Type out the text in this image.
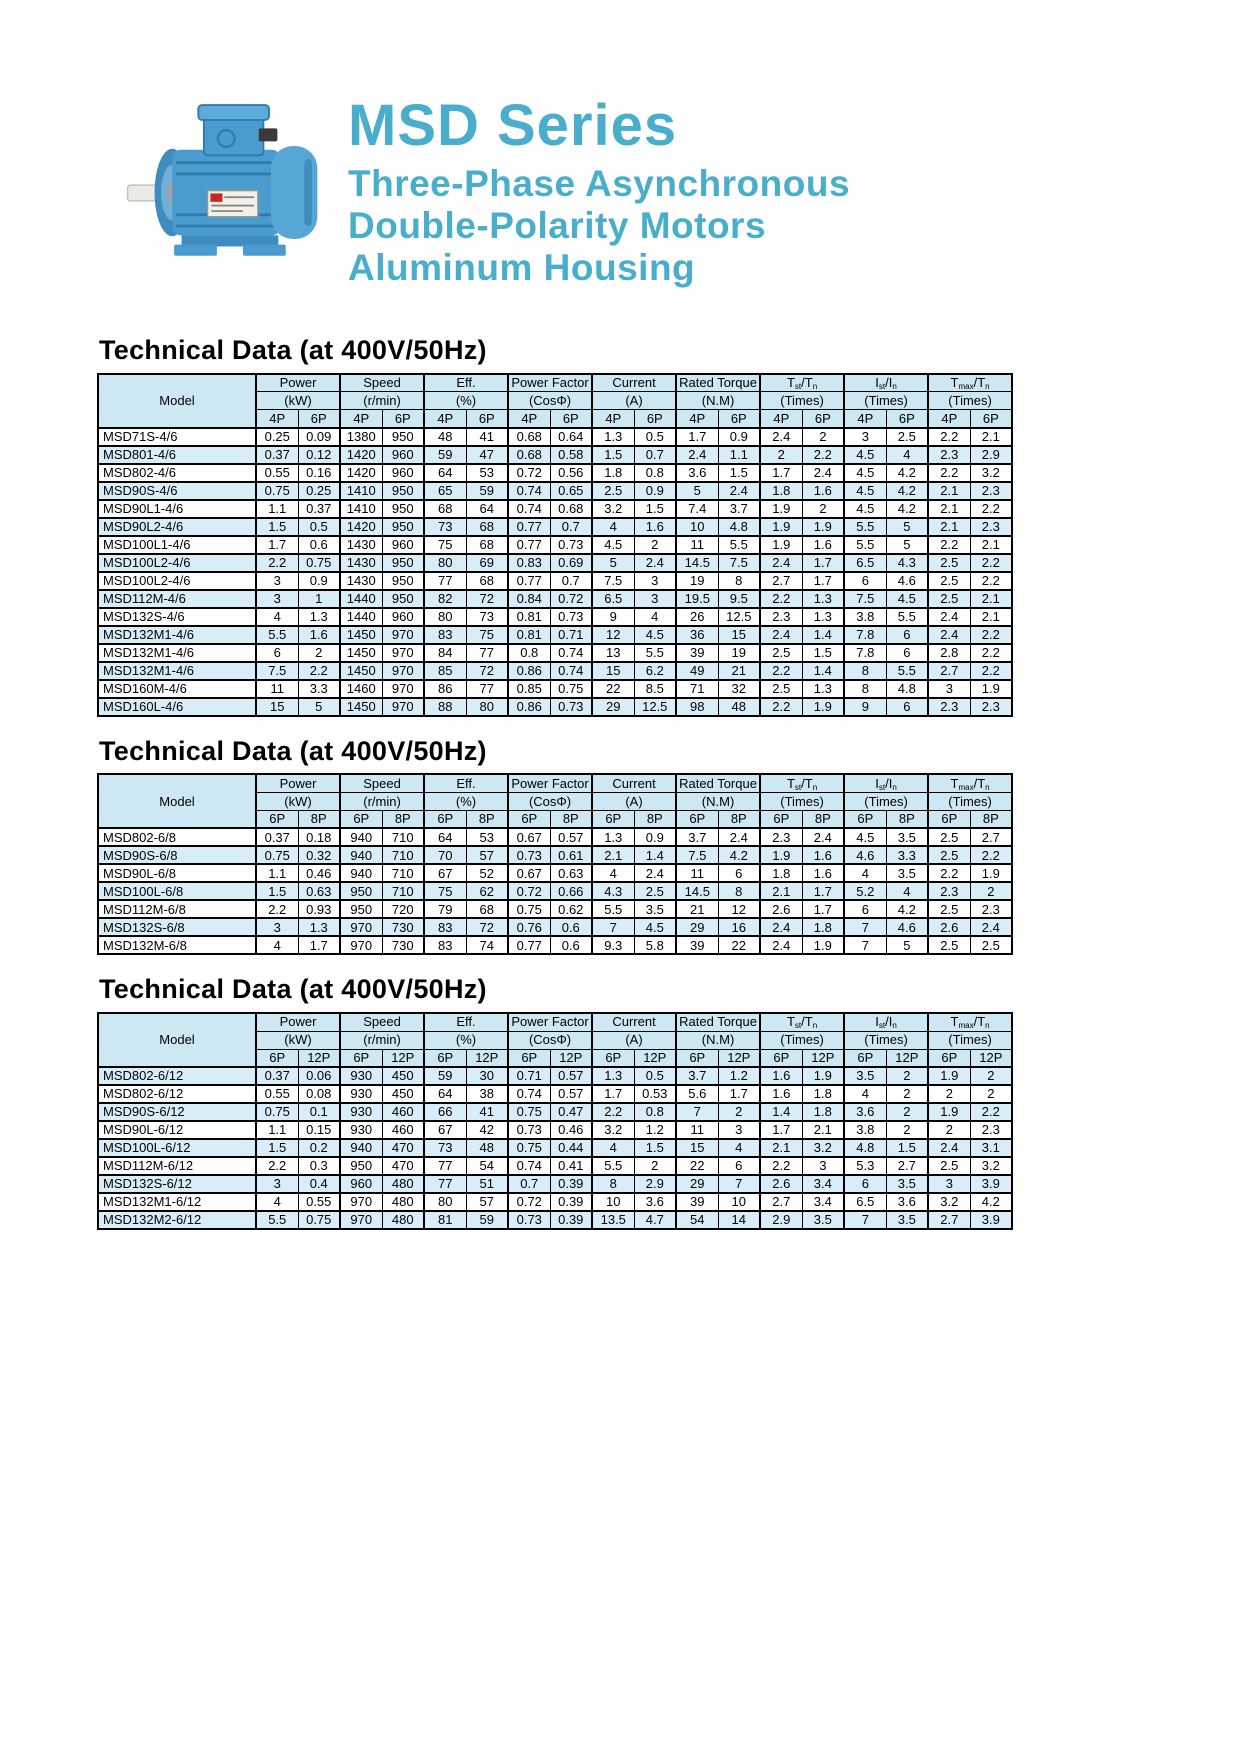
MSD Series
Three-Phase Asynchronous
Double-Polarity Motors
Aluminum Housing
Technical Data (at 400V/50Hz)
Model	Power		Speed		Eff.		Power Factor		Current		Rated Torque		$T_{st}/T_n$		$I_{st}/I_n$		$T_{max}/T_n$
	(kW)		(r/min)		(%)		(CosΦ)		(A)		(N.M)		(Times)		(Times)		(Times)	
	4P	6P	4P	6P	4P	6P	4P	6P	4P	6P	4P	6P	4P	6P	4P	6P	4P	6P
MSD71S-4/6	0.25	0.09	1380	950	48	41	0.68	0.64	1.3	0.5	1.7	0.9	2.4	2	3	2.5	2.2	2.1
MSD801-4/6	0.37	0.12	1420	960	59	47	0.68	0.58	1.5	0.7	2.4	1.1	2	2.2	4.5	4	2.3	2.9
MSD802-4/6	0.55	0.16	1420	960	64	53	0.72	0.56	1.8	0.8	3.6	1.5	1.7	2.4	4.5	4.2	2.2	3.2
MSD90S-4/6	0.75	0.25	1410	950	65	59	0.74	0.65	2.5	0.9	5	2.4	1.8	1.6	4.5	4.2	2.1	2.3
MSD90L1-4/6	1.1	0.37	1410	950	68	64	0.74	0.68	3.2	1.5	7.4	3.7	1.9	2	4.5	4.2	2.1	2.2
MSD90L2-4/6	1.5	0.5	1420	950	73	68	0.77	0.7	4	1.6	10	4.8	1.9	1.9	5.5	5	2.1	2.3
MSD100L1-4/6	1.7	0.6	1430	960	75	68	0.77	0.73	4.5	2	11	5.5	1.9	1.6	5.5	5	2.2	2.1
MSD100L2-4/6	2.2	0.75	1430	950	80	69	0.83	0.69	5	2.4	14.5	7.5	2.4	1.7	6.5	4.3	2.5	2.2
MSD100L2-4/6	3	0.9	1430	950	77	68	0.77	0.7	7.5	3	19	8	2.7	1.7	6	4.6	2.5	2.2
MSD112M-4/6	3	1	1440	950	82	72	0.84	0.72	6.5	3	19.5	9.5	2.2	1.3	7.5	4.5	2.5	2.1
MSD132S-4/6	4	1.3	1440	960	80	73	0.81	0.73	9	4	26	12.5	2.3	1.3	3.8	5.5	2.4	2.1
MSD132M1-4/6	5.5	1.6	1450	970	83	75	0.81	0.71	12	4.5	36	15	2.4	1.4	7.8	6	2.4	2.2
MSD132M1-4/6	6	2	1450	970	84	77	0.8	0.74	13	5.5	39	19	2.5	1.5	7.8	6	2.8	2.2
MSD132M1-4/6	7.5	2.2	1450	970	85	72	0.86	0.74	15	6.2	49	21	2.2	1.4	8	5.5	2.7	2.2
MSD160M-4/6	11	3.3	1460	970	86	77	0.85	0.75	22	8.5	71	32	2.5	1.3	8	4.8	3	1.9
MSD160L-4/6	15	5	1450	970	88	80	0.86	0.73	29	12.5	98	48	2.2	1.9	9	6	2.3	2.3
Technical Data (at 400V/50Hz)
Model	Power		Speed		Eff.		Power Factor		Current		Rated Torque		$T_{st}/T_n$		$I_{st}/I_n$		$T_{max}/T_n$
	(kW)		(r/min)		(%)		(CosΦ)		(A)		(N.M)		(Times)		(Times)		(Times)	
	6P	8P	6P	8P	6P	8P	6P	8P	6P	8P	6P	8P	6P	8P	6P	8P	6P	8P
MSD802-6/8	0.37	0.18	940	710	64	53	0.67	0.57	1.3	0.9	3.7	2.4	2.3	2.4	4.5	3.5	2.5	2.7
MSD90S-6/8	0.75	0.32	940	710	70	57	0.73	0.61	2.1	1.4	7.5	4.2	1.9	1.6	4.6	3.3	2.5	2.2
MSD90L-6/8	1.1	0.46	940	710	67	52	0.67	0.63	4	2.4	11	6	1.8	1.6	4	3.5	2.2	1.9
MSD100L-6/8	1.5	0.63	950	710	75	62	0.72	0.66	4.3	2.5	14.5	8	2.1	1.7	5.2	4	2.3	2
MSD112M-6/8	2.2	0.93	950	720	79	68	0.75	0.62	5.5	3.5	21	12	2.6	1.7	6	4.2	2.5	2.3
MSD132S-6/8	3	1.3	970	730	83	72	0.76	0.6	7	4.5	29	16	2.4	1.8	7	4.6	2.6	2.4
MSD132M-6/8	4	1.7	970	730	83	74	0.77	0.6	9.3	5.8	39	22	2.4	1.9	7	5	2.5	2.5
Technical Data (at 400V/50Hz)
Model	Power		Speed		Eff.		Power Factor		Current		Rated Torque		$T_{st}/T_n$		$I_{st}/I_n$		$T_{max}/T_n$
	(kW)		(r/min)		(%)		(CosΦ)		(A)		(N.M)		(Times)		(Times)		(Times)	
	6P	12P	6P	12P	6P	12P	6P	12P	6P	12P	6P	12P	6P	12P	6P	12P	6P	12P
MSD802-6/12	0.37	0.06	930	450	59	30	0.71	0.57	1.3	0.5	3.7	1.2	1.6	1.9	3.5	2	1.9	2
MSD802-6/12	0.55	0.08	930	450	64	38	0.74	0.57	1.7	0.53	5.6	1.7	1.6	1.8	4	2	2	2
MSD90S-6/12	0.75	0.1	930	460	66	41	0.75	0.47	2.2	0.8	7	2	1.4	1.8	3.6	2	1.9	2.2
MSD90L-6/12	1.1	0.15	930	460	67	42	0.73	0.46	3.2	1.2	11	3	1.7	2.1	3.8	2	2	2.3
MSD100L-6/12	1.5	0.2	940	470	73	48	0.75	0.44	4	1.5	15	4	2.1	3.2	4.8	1.5	2.4	3.1
MSD112M-6/12	2.2	0.3	950	470	77	54	0.74	0.41	5.5	2	22	6	2.2	3	5.3	2.7	2.5	3.2
MSD132S-6/12	3	0.4	960	480	77	51	0.7	0.39	8	2.9	29	7	2.6	3.4	6	3.5	3	3.9
MSD132M1-6/12	4	0.55	970	480	80	57	0.72	0.39	10	3.6	39	10	2.7	3.4	6.5	3.6	3.2	4.2
MSD132M2-6/12	5.5	0.75	970	480	81	59	0.73	0.39	13.5	4.7	54	14	2.9	3.5	7	3.5	2.7	3.9
